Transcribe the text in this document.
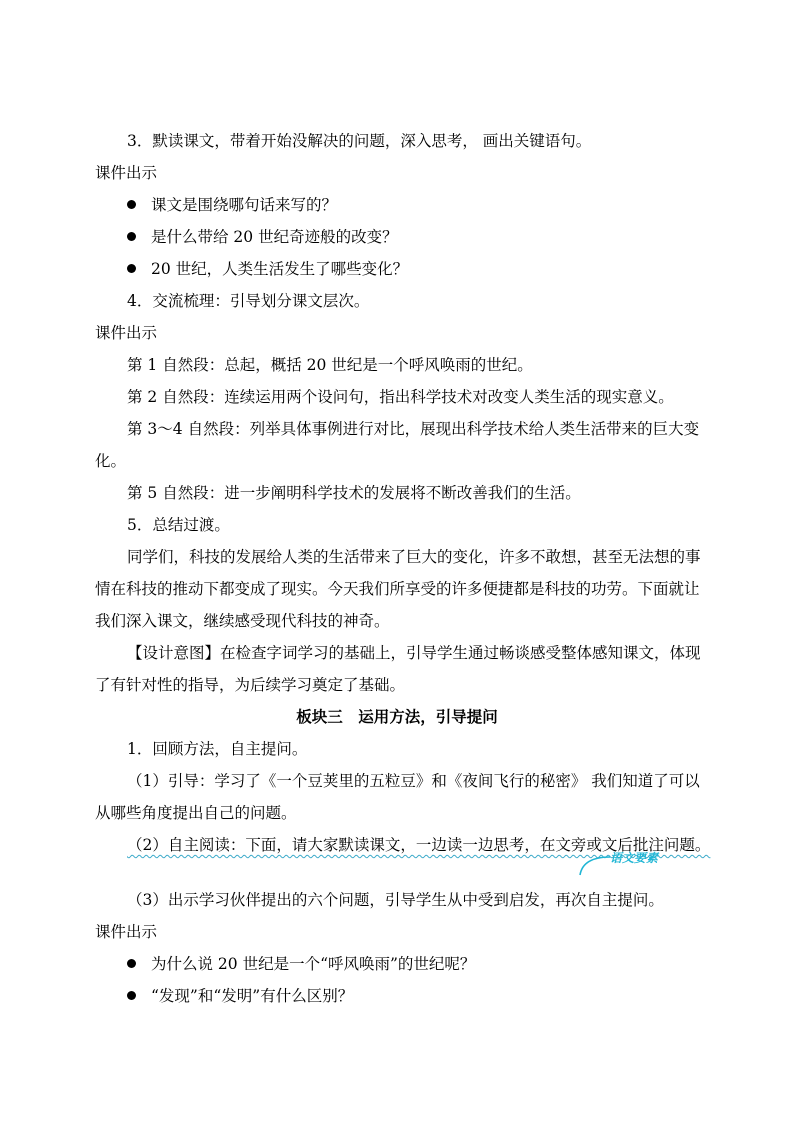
3．默读课文，带着开始没解决的问题，深入思考， 画出关键语句。
课件出示
课文是围绕哪句话来写的？
是什么带给 20 世纪奇迹般的改变？
20 世纪，人类生活发生了哪些变化？
4．交流梳理：引导划分课文层次。
课件出示
第 1 自然段：总起，概括 20 世纪是一个呼风唤雨的世纪。
第 2 自然段：连续运用两个设问句，指出科学技术对改变人类生活的现实意义。
第 3～4 自然段：列举具体事例进行对比，展现出科学技术给人类生活带来的巨大变
化。
第 5 自然段：进一步阐明科学技术的发展将不断改善我们的生活。
5．总结过渡。
同学们，科技的发展给人类的生活带来了巨大的变化，许多不敢想，甚至无法想的事
情在科技的推动下都变成了现实。今天我们所享受的许多便捷都是科技的功劳。下面就让
我们深入课文，继续感受现代科技的神奇。
【设计意图】在检查字词学习的基础上，引导学生通过畅谈感受整体感知课文，体现
了有针对性的指导，为后续学习奠定了基础。
板块三　运用方法，引导提问
1．回顾方法，自主提问。
（1）引导：学习了《一个豆荚里的五粒豆》和《夜间飞行的秘密》 我们知道了可以
从哪些角度提出自己的问题。
（2）自主阅读：下面，请大家默读课文，一边读一边思考，在文旁或文后批注问题。
语文要素
（3）出示学习伙伴提出的六个问题，引导学生从中受到启发，再次自主提问。
课件出示
为什么说 20 世纪是一个“呼风唤雨”的世纪呢？
“发现”和“发明”有什么区别？
